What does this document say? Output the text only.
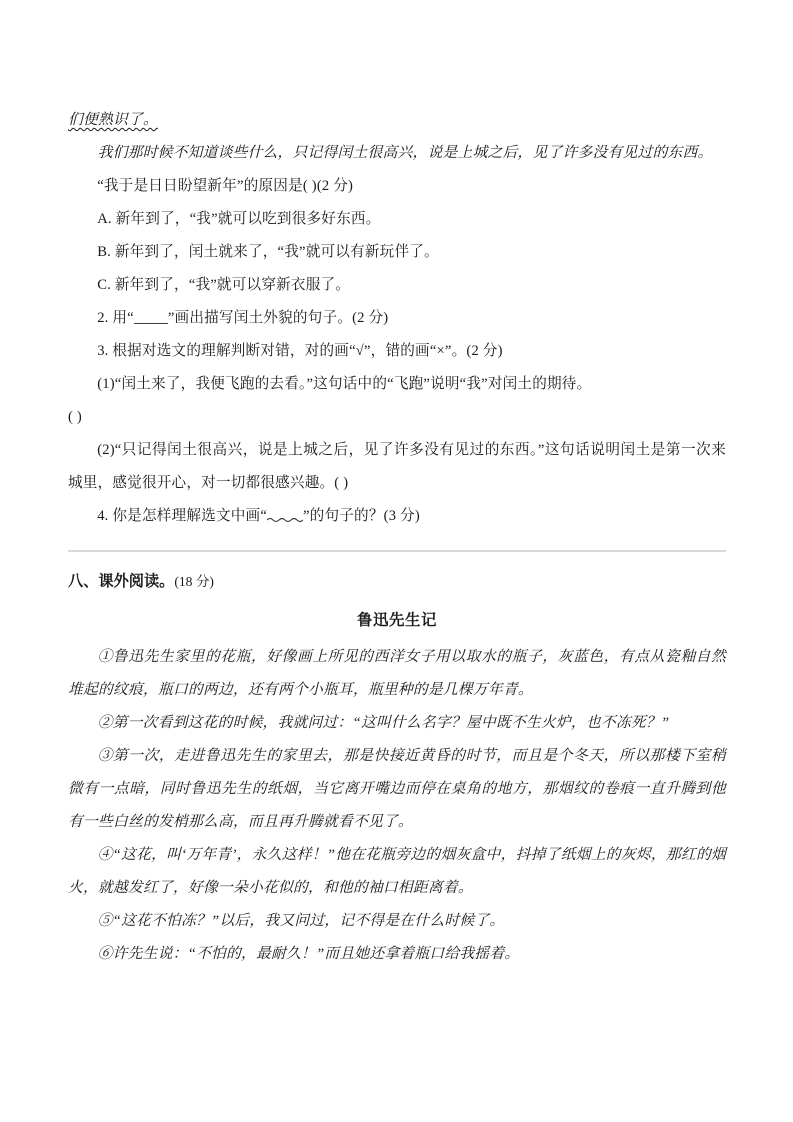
们便熟识了。

我们那时候不知道谈些什么，只记得闰土很高兴，说是上城之后，见了许多没有见过的东西。

“我于是日日盼望新年”的原因是( )(2 分)

A. 新年到了，“我”就可以吃到很多好东西。

B. 新年到了，闰土就来了，“我”就可以有新玩伴了。

C. 新年到了，“我”就可以穿新衣服了。

2. 用“ ”画出描写闰土外貌的句子。(2 分)

3. 根据对选文的理解判断对错，对的画“√”，错的画“×”。(2 分)

(1)“闰土来了，我便飞跑的去看。”这句话中的“飞跑”说明“我”对闰土的期待。

( )

(2)“只记得闰土很高兴，说是上城之后，见了许多没有见过的东西。”这句话说明闰土是第一次来城里，感觉很开心，对一切都很感兴趣。( )

4. 你是怎样理解选文中画“ ”的句子的？(3 分)

八、课外阅读。(18 分)

鲁迅先生记

①鲁迅先生家里的花瓶，好像画上所见的西洋女子用以取水的瓶子，灰蓝色，有点从瓷釉自然堆起的纹痕，瓶口的两边，还有两个小瓶耳，瓶里种的是几棵万年青。

②第一次看到这花的时候，我就问过：“这叫什么名字？屋中既不生火炉，也不冻死？”

③第一次，走进鲁迅先生的家里去，那是快接近黄昏的时节，而且是个冬天，所以那楼下室稍微有一点暗，同时鲁迅先生的纸烟，当它离开嘴边而停在桌角的地方，那烟纹的卷痕一直升腾到他有一些白丝的发梢那么高，而且再升腾就看不见了。

④“这花，叫‘万年青’，永久这样！”他在花瓶旁边的烟灰盒中，抖掉了纸烟上的灰烬，那红的烟火，就越发红了，好像一朵小花似的，和他的袖口相距离着。

⑤“这花不怕冻？”以后，我又问过，记不得是在什么时候了。

⑥许先生说：“不怕的，最耐久！”而且她还拿着瓶口给我摇着。
